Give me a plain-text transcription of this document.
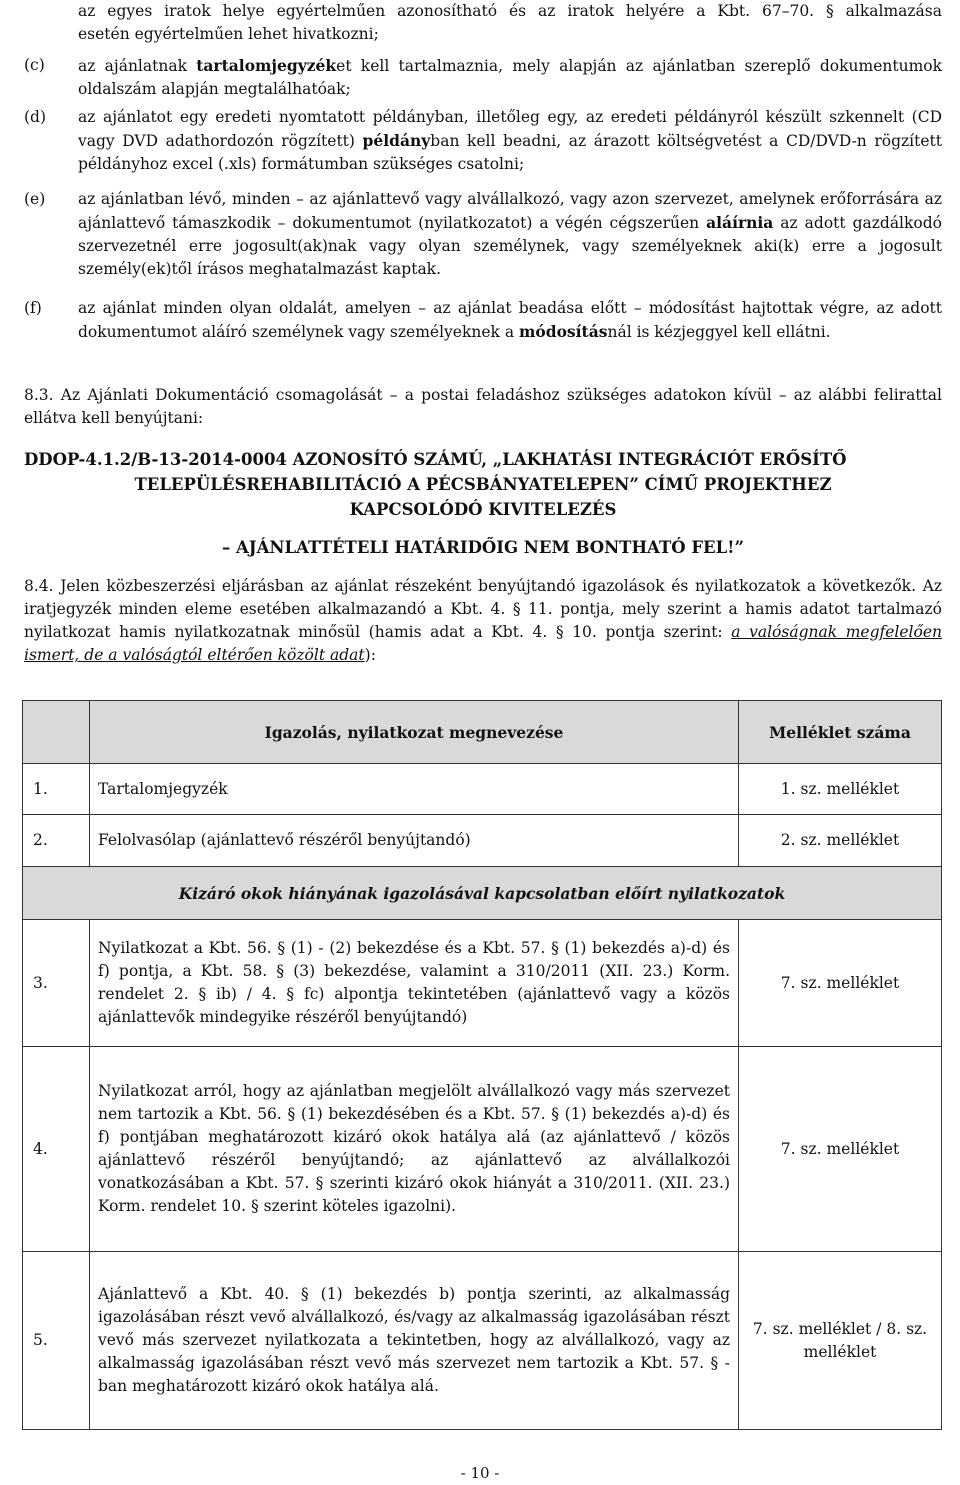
az egyes iratok helye egyértelműen azonosítható és az iratok helyére a Kbt. 67–70. § alkalmazása
esetén egyértelműen lehet hivatkozni;
(c)	az ajánlatnak tartalomjegyzéket kell tartalmaznia, mely alapján az ajánlatban szereplő dokumentumok oldalszám alapján megtalálhatóak;
(d)	az ajánlatot egy eredeti nyomtatott példányban, illetőleg egy, az eredeti példányról készült szkennelt (CD vagy DVD adathordozón rögzített) példányban kell beadni, az árazott költségvetést a CD/DVD-n rögzített példányhoz excel (.xls) formátumban szükséges csatolni;
(e)	az ajánlatban lévő, minden – az ajánlattevő vagy alvállalkozó, vagy azon szervezet, amelynek erőforrására az ajánlattevő támaszkodik – dokumentumot (nyilatkozatot) a végén cégszerűen aláírnia az adott gazdálkodó szervezetnél erre jogosult(ak)nak vagy olyan személynek, vagy személyeknek aki(k) erre a jogosult személy(ek)től írásos meghatalmazást kaptak.
(f)	az ajánlat minden olyan oldalát, amelyen – az ajánlat beadása előtt – módosítást hajtottak végre, az adott dokumentumot aláíró személynek vagy személyeknek a módosításnál is kézjeggyel kell ellátni.
8.3. Az Ajánlati Dokumentáció csomagolását – a postai feladáshoz szükséges adatokon kívül – az alábbi felirattal ellátva kell benyújtani:
DDOP-4.1.2/B-13-2014-0004 AZONOSÍTÓ SZÁMÚ, „LAKHATÁSI INTEGRÁCIÓT ERŐSÍTŐ
TELEPÜLÉSREHABILITÁCIÓ A PÉCSBÁNYATELEPEN” CÍMŰ PROJEKTHEZ
KAPCSOLÓDÓ KIVITELEZÉS
– AJÁNLATTÉTELI HATÁRIDŐIG NEM BONTHATÓ FEL!”
8.4. Jelen közbeszerzési eljárásban az ajánlat részeként benyújtandó igazolások és nyilatkozatok a következők. Az iratjegyzék minden eleme esetében alkalmazandó a Kbt. 4. § 11. pontja, mely szerint a hamis adatot tartalmazó nyilatkozat hamis nyilatkozatnak minősül (hamis adat a Kbt. 4. § 10. pontja szerint: a valóságnak megfelelően ismert, de a valóságtól eltérően közölt adat):
	Igazolás, nyilatkozat megnevezése	Melléklet száma
1.	Tartalomjegyzék	1. sz. melléklet
2.	Felolvasólap (ajánlattevő részéről benyújtandó)	2. sz. melléklet
Kizáró okok hiányának igazolásával kapcsolatban előírt nyilatkozatok		
3.	Nyilatkozat a Kbt. 56. § (1) - (2) bekezdése és a Kbt. 57. § (1) bekezdés a)-d) és f) pontja, a Kbt. 58. § (3) bekezdése, valamint a 310/2011 (XII. 23.) Korm. rendelet 2. § ib) / 4. § fc) alpontja tekintetében (ajánlattevő vagy a közös ajánlattevők mindegyike részéről benyújtandó)	7. sz. melléklet
4.	Nyilatkozat arról, hogy az ajánlatban megjelölt alvállalkozó vagy más szervezet nem tartozik a Kbt. 56. § (1) bekezdésében és a Kbt. 57. § (1) bekezdés a)-d) és f) pontjában meghatározott kizáró okok hatálya alá (az ajánlattevő / közös ajánlattevő részéről benyújtandó; az ajánlattevő az alvállalkozói vonatkozásában a Kbt. 57. § szerinti kizáró okok hiányát a 310/2011. (XII. 23.) Korm. rendelet 10. § szerint köteles igazolni).	7. sz. melléklet
5.	Ajánlattevő a Kbt. 40. § (1) bekezdés b) pontja szerinti, az alkalmasság igazolásában részt vevő alvállalkozó, és/vagy az alkalmasság igazolásában részt vevő más szervezet nyilatkozata a tekintetben, hogy az alvállalkozó, vagy az alkalmasság igazolásában részt vevő más szervezet nem tartozik a Kbt. 57. § -ban meghatározott kizáró okok hatálya alá.	7. sz. melléklet / 8. sz. melléklet
- 10 -
